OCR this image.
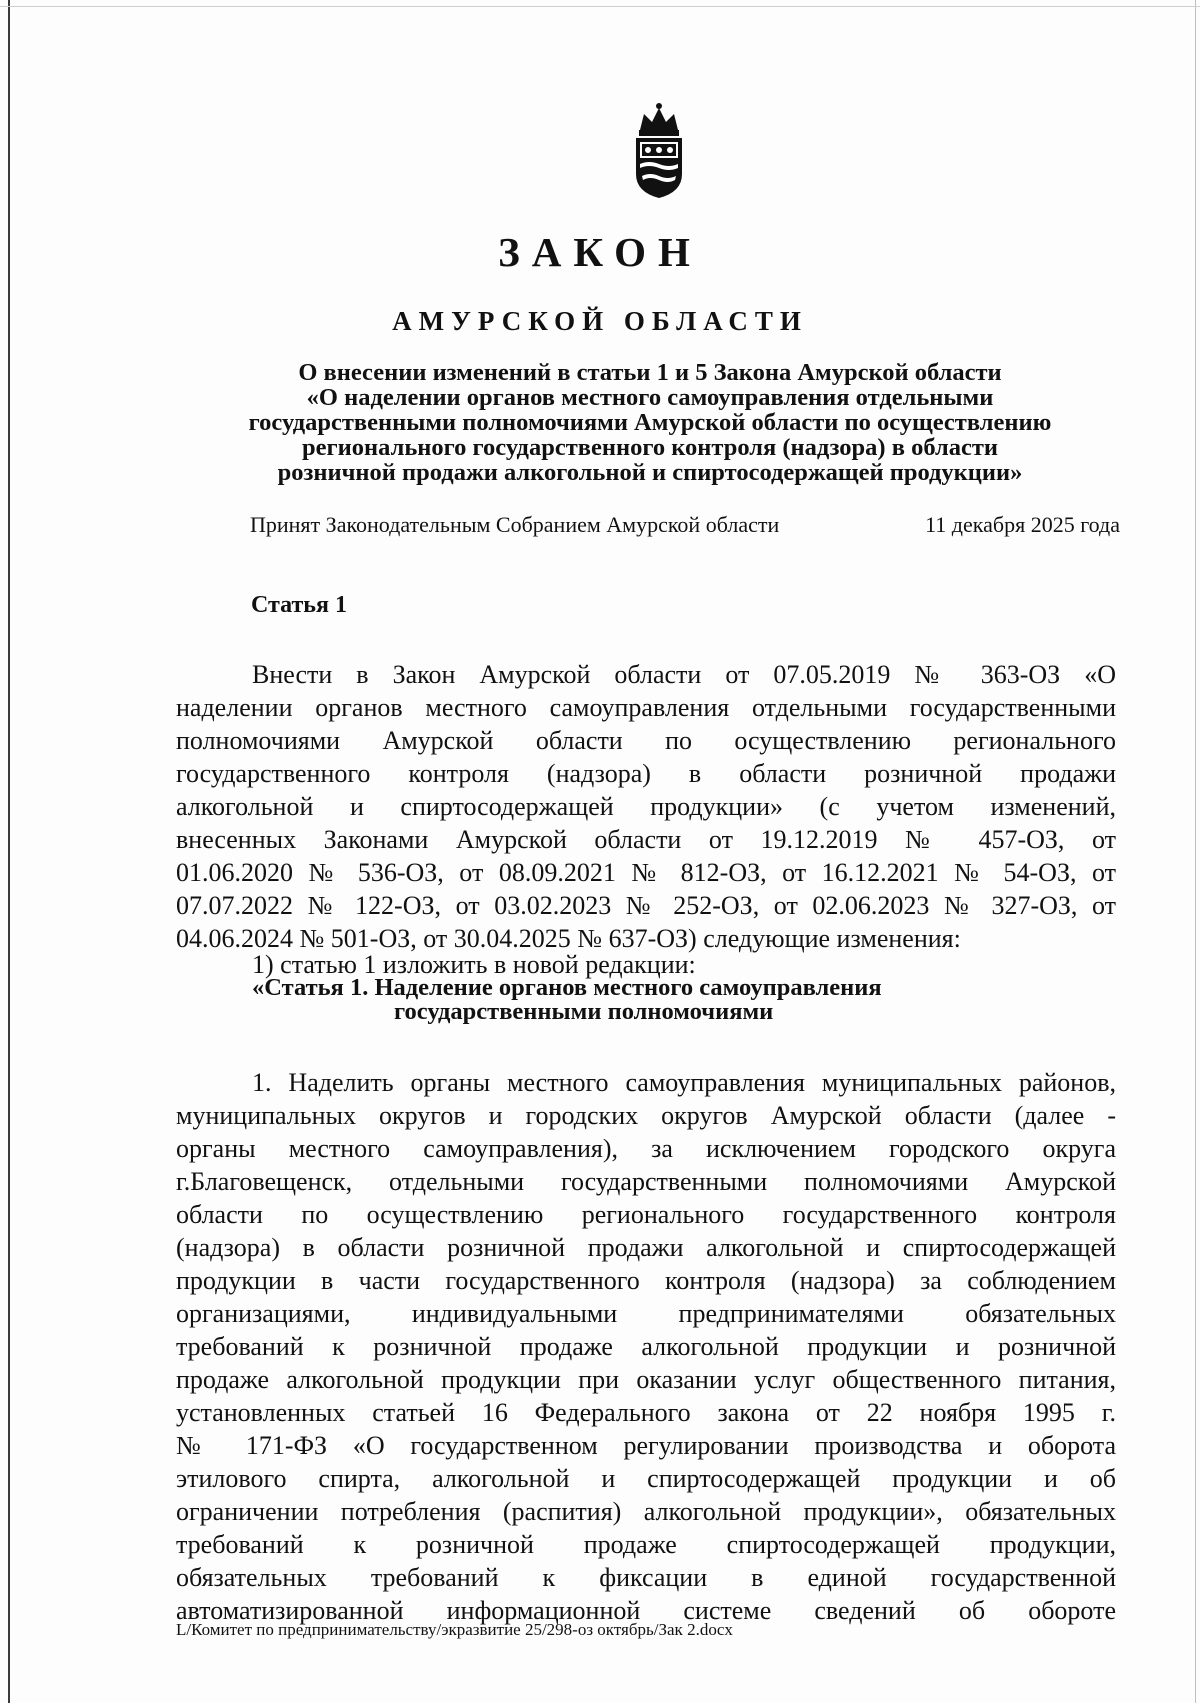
ЗАКОН
АМУРСКОЙ ОБЛАСТИ
О внесении изменений в статьи 1 и 5 Закона Амурской области
«О наделении органов местного самоуправления отдельными
государственными полномочиями Амурской области по осуществлению
регионального государственного контроля (надзора) в области
розничной продажи алкогольной и спиртосодержащей продукции»
Принят Законодательным Собранием Амурской области	11 декабря 2025 года
Статья 1
Внести в Закон Амурской области от 07.05.2019 № 363-ОЗ «О
наделении органов местного самоуправления отдельными государственными
полномочиями Амурской области по осуществлению регионального
государственного контроля (надзора) в области розничной продажи
алкогольной и спиртосодержащей продукции» (с учетом изменений,
внесенных Законами Амурской области от 19.12.2019 № 457-ОЗ, от
01.06.2020 № 536-ОЗ, от 08.09.2021 № 812-ОЗ, от 16.12.2021 № 54-ОЗ, от
07.07.2022 № 122-ОЗ, от 03.02.2023 № 252-ОЗ, от 02.06.2023 № 327-ОЗ, от
04.06.2024 № 501-ОЗ, от 30.04.2025 № 637-ОЗ) следующие изменения:
1) статью 1 изложить в новой редакции:
«Статья 1. Наделение органов местного самоуправления
государственными полномочиями
1. Наделить органы местного самоуправления муниципальных районов,
муниципальных округов и городских округов Амурской области (далее -
органы местного самоуправления), за исключением городского округа
г.Благовещенск, отдельными государственными полномочиями Амурской
области по осуществлению регионального государственного контроля
(надзора) в области розничной продажи алкогольной и спиртосодержащей
продукции в части государственного контроля (надзора) за соблюдением
организациями, индивидуальными предпринимателями обязательных
требований к розничной продаже алкогольной продукции и розничной
продаже алкогольной продукции при оказании услуг общественного питания,
установленных статьей 16 Федерального закона от 22 ноября 1995 г.
№ 171-ФЗ «О государственном регулировании производства и оборота
этилового спирта, алкогольной и спиртосодержащей продукции и об
ограничении потребления (распития) алкогольной продукции», обязательных
требований к розничной продаже спиртосодержащей продукции,
обязательных требований к фиксации в единой государственной
автоматизированной информационной системе сведений об обороте
L/Комитет по предпринимательству/экразвитие 25/298-оз октябрь/Зак 2.docx
